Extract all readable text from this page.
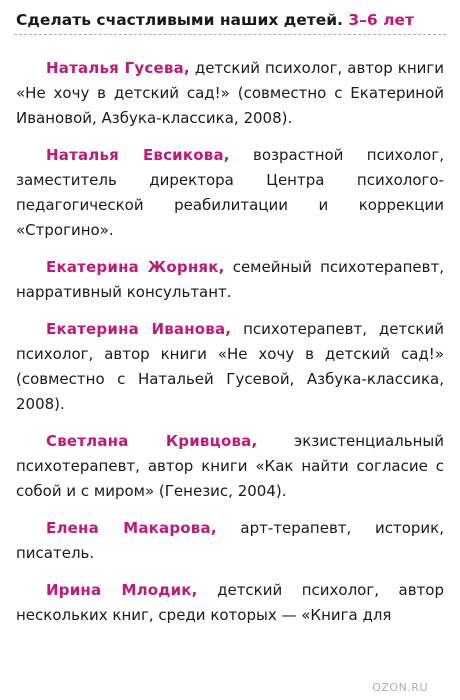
Сделать счастливыми наших детей. 3–6 лет

Наталья Гусева, детский психолог, автор книги «Не хочу в детский сад!» (совместно с Екатериной Ивановой, Азбука-классика, 2008).

Наталья Евсикова, возрастной психолог, заместитель директора Центра психолого-педагогической реабилитации и коррекции «Строгино».

Екатерина Жорняк, семейный психотерапевт, нарративный консультант.

Екатерина Иванова, психотерапевт, детский психолог, автор книги «Не хочу в детский сад!» (совместно с Натальей Гусевой, Азбука-классика, 2008).

Светлана Кривцова, экзистенциальный психотерапевт, автор книги «Как найти согласие с собой и с миром» (Генезис, 2004).

Елена Макарова, арт-терапевт, историк, писатель.

Ирина Млодик, детский психолог, автор нескольких книг, среди которых — «Книга для

OZON.RU
